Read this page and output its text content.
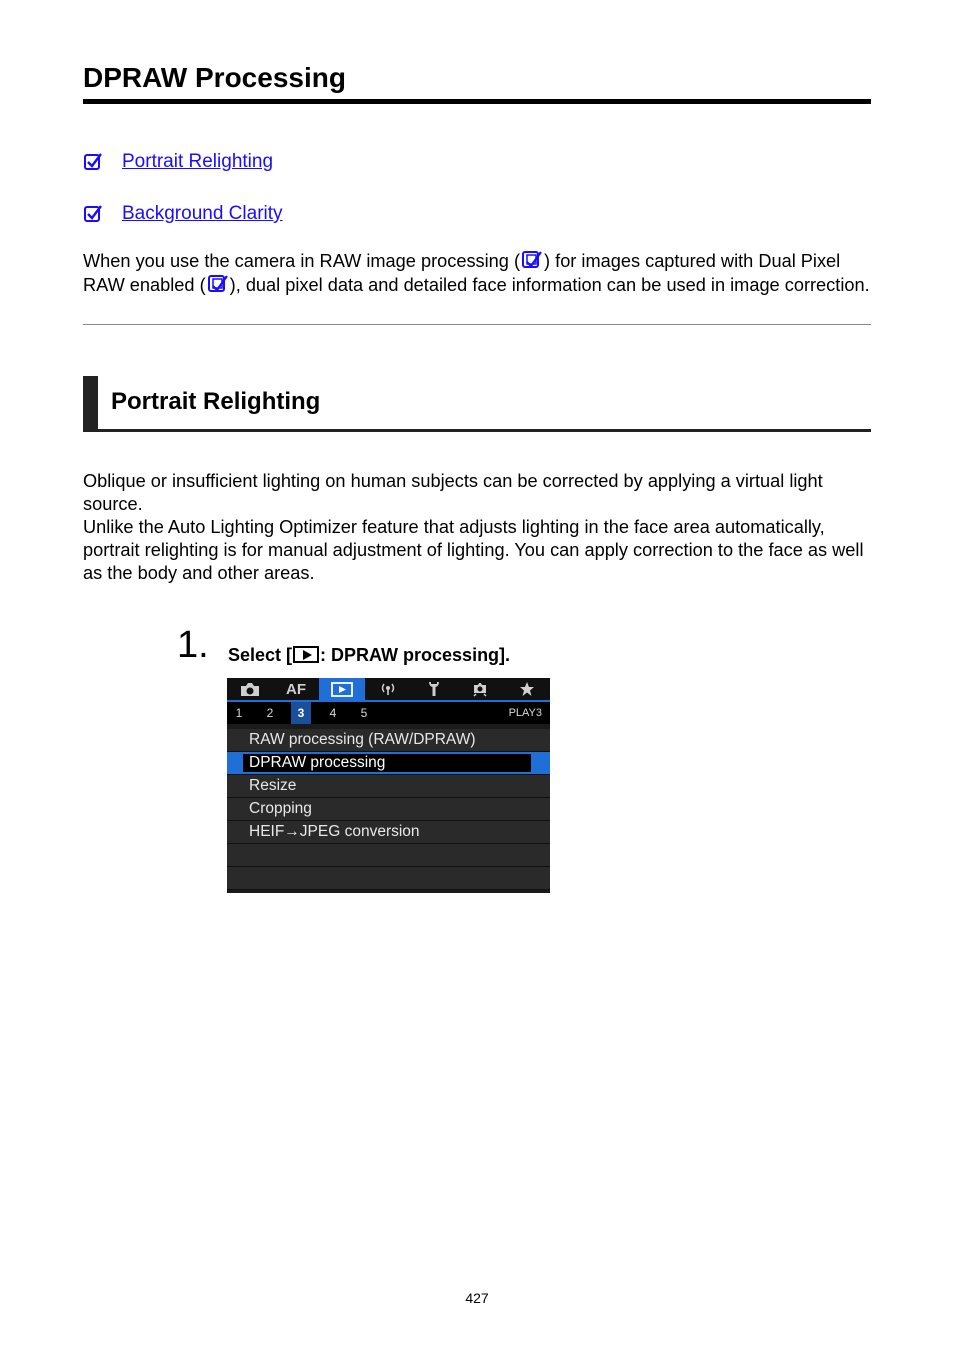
DPRAW Processing
Portrait Relighting
Background Clarity

When you use the camera in RAW image processing ( ) for images captured with Dual Pixel RAW enabled ( ), dual pixel data and detailed face information can be used in image correction.

Portrait Relighting

Oblique or insufficient lighting on human subjects can be corrected by applying a virtual light source.

Unlike the Auto Lighting Optimizer feature that adjusts lighting in the face area automatically, portrait relighting is for manual adjustment of lighting. You can apply correction to the face as well as the body and other areas.

1. Select [ : DPRAW processing].
AF
1	2	3	4	5	PLAY3
RAW processing (RAW/DPRAW)
DPRAW processing
Resize
Cropping
HEIF→JPEG conversion
427
